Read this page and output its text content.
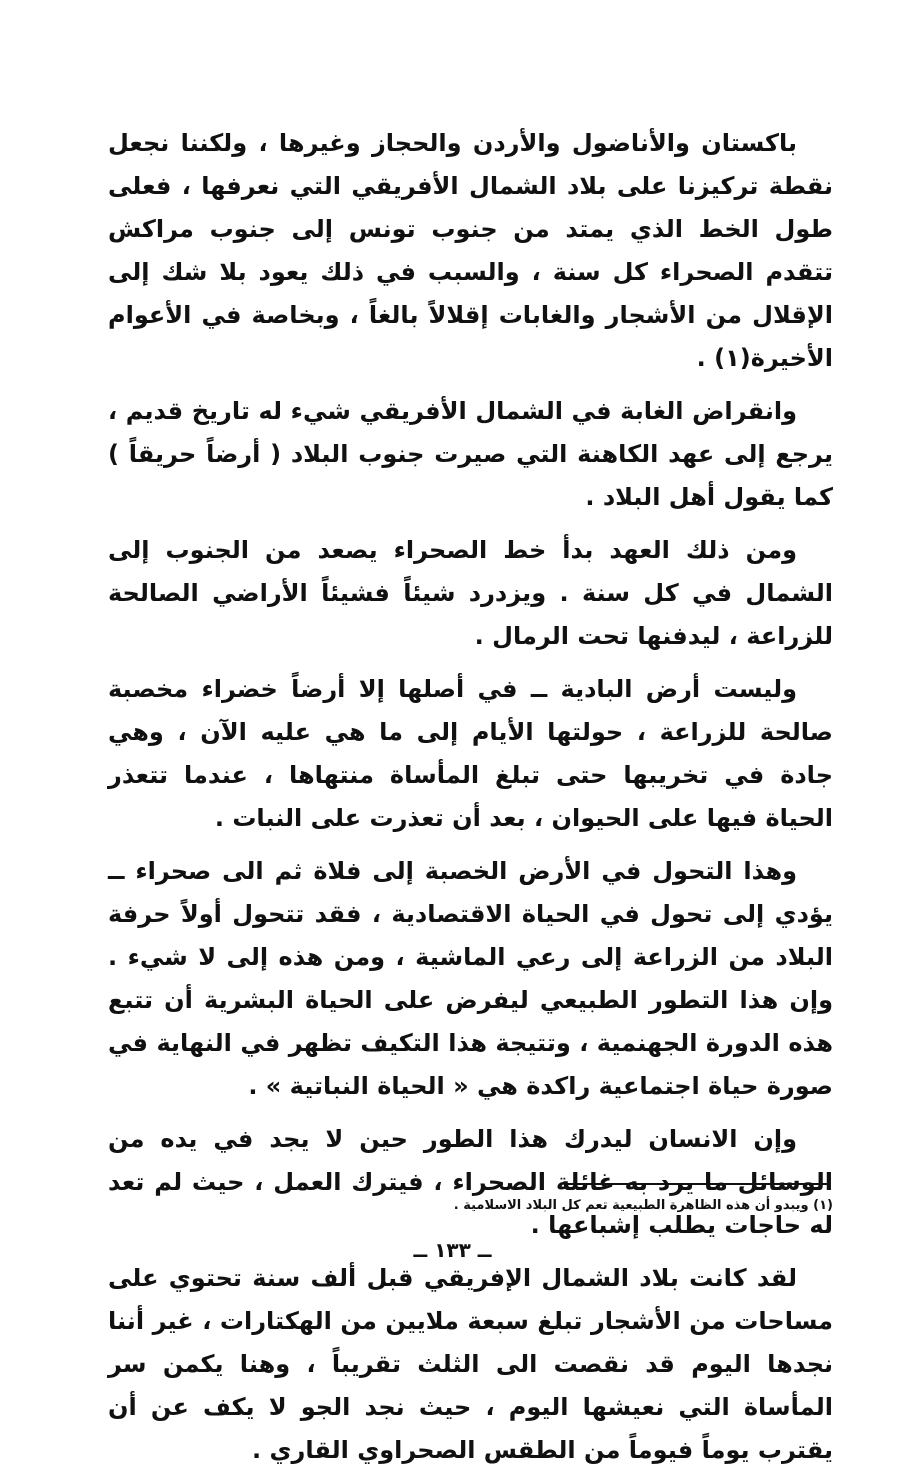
باكستان والأناضول والأردن والحجاز وغيرها ، ولكننا نجعل نقطة تركيزنا على بلاد الشمال الأفريقي التي نعرفها ، فعلى طول الخط الذي يمتد من جنوب تونس إلى جنوب مراكش تتقدم الصحراء كل سنة ، والسبب في ذلك يعود بلا شك إلى الإقلال من الأشجار والغابات إقلالاً بالغاً ، وبخاصة في الأعوام الأخيرة(١) .

وانقراض الغابة في الشمال الأفريقي شيء له تاريخ قديم ، يرجع إلى عهد الكاهنة التي صيرت جنوب البلاد ( أرضاً حريقاً ) كما يقول أهل البلاد .

ومن ذلك العهد بدأ خط الصحراء يصعد من الجنوب إلى الشمال في كل سنة . ويزدرد شيئاً فشيئاً الأراضي الصالحة للزراعة ، ليدفنها تحت الرمال .

وليست أرض البادية ــ في أصلها إلا أرضاً خضراء مخصبة صالحة للزراعة ، حولتها الأيام إلى ما هي عليه الآن ، وهي جادة في تخريبها حتى تبلغ المأساة منتهاها ، عندما تتعذر الحياة فيها على الحيوان ، بعد أن تعذرت على النبات .

وهذا التحول في الأرض الخصبة إلى فلاة ثم الى صحراء ــ يؤدي إلى تحول في الحياة الاقتصادية ، فقد تتحول أولاً حرفة البلاد من الزراعة إلى رعي الماشية ، ومن هذه إلى لا شيء . وإن هذا التطور الطبيعي ليفرض على الحياة البشرية أن تتبع هذه الدورة الجهنمية ، وتتيجة هذا التكيف تظهر في النهاية في صورة حياة اجتماعية راكدة هي « الحياة النباتية » .

وإن الانسان ليدرك هذا الطور حين لا يجد في يده من الوسائل ما يرد به غائلة الصحراء ، فيترك العمل ، حيث لم تعد له حاجات يطلب إشباعها .

لقد كانت بلاد الشمال الإفريقي قبل ألف سنة تحتوي على مساحات من الأشجار تبلغ سبعة ملايين من الهكتارات ، غير أننا نجدها اليوم قد نقصت الى الثلث تقريباً ، وهنا يكمن سر المأساة التي نعيشها اليوم ، حيث نجد الجو لا يكف عن أن يقترب يوماً فيوماً من الطقس الصحراوي القاري .

(١) ويبدو أن هذه الظاهرة الطبيعية تعم كل البلاد الاسلامية .
ــ ١٣٣ ــ
